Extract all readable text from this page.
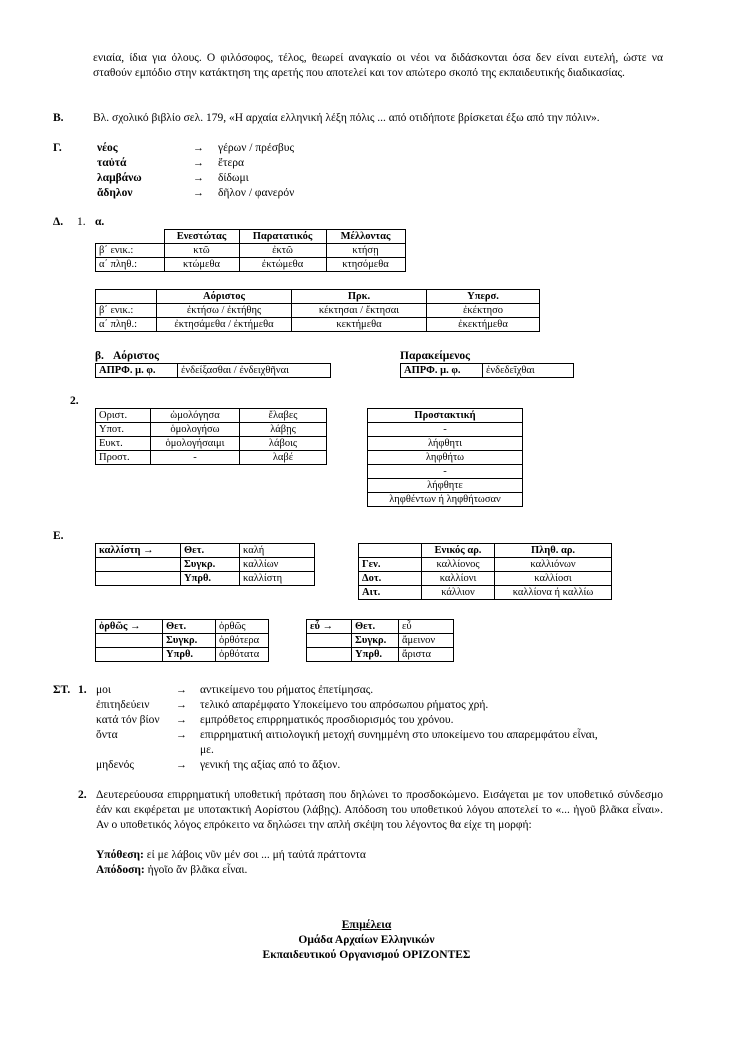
ενιαία, ίδια για όλους. Ο φιλόσοφος, τέλος, θεωρεί αναγκαίο οι νέοι να διδάσκονται όσα δεν είναι ευτελή, ώστε να σταθούν εμπόδιο στην κατάκτηση της αρετής που αποτελεί και τον απώτερο σκοπό της εκπαιδευτικής διαδικασίας.
Β.	Βλ. σχολικό βιβλίο σελ. 179, «Η αρχαία ελληνική λέξη πόλις ... από οτιδήποτε βρίσκεται έξω από την πόλιν».
Γ.	νέος	→ γέρων / πρέσβυς
ταὐτά	→ ἕτερα
λαμβάνω	→ δίδωμι
ἄδηλον	→ δῆλον / φανερόν
Δ. 1. α.
	Ενεστώτας	Παρατατικός	Μέλλοντας
β΄ ενικ.:	κτῶ	ἐκτῶ	κτήσῃ
α΄ πληθ.:	κτώμεθα	ἐκτώμεθα	κτησόμεθα
	Αόριστος	Πρκ.	Υπερσ.
β΄ ενικ.:	ἐκτήσω / ἐκτήθης	κέκτησαι / ἔκτησαι	ἐκέκτησο
α΄ πληθ.:	ἐκτησάμεθα / ἐκτήμεθα	κεκτήμεθα	ἐκεκτήμεθα
β. Αόριστος
ΑΠΡΦ. μ. φ.	ἐνδείξασθαι / ἐνδειχθῆναι
Παρακείμενος
ΑΠΡΦ. μ. φ.	ἐνδεδεῖχθαι
2.
Οριστ.	ὡμολόγησα	ἔλαβες
Υποτ.	ὁμολογήσω	λάβῃς
Ευκτ.	ὁμολογήσαιμι	λάβοις
Προστ.	-	λαβέ
Προστακτική
-
λήφθητι
ληφθήτω
-
λήφθητε
ληφθέντων ή ληφθήτωσαν
Ε.
καλλίστη →	Θετ.	καλή
	Συγκρ.	καλλίων
	Υπρθ.	καλλίστη
	Ενικός αρ.	Πληθ. αρ.
Γεν.	καλλίονος	καλλιόνων
Δοτ.	καλλίονι	καλλίοσι
Αιτ.	κάλλιον	καλλίονα ή καλλίω
ὀρθῶς →	Θετ.	ὀρθῶς
	Συγκρ.	ὀρθότερα
	Υπρθ.	ὀρθότατα
εὖ →	Θετ.	εὖ
	Συγκρ.	ἄμεινον
	Υπρθ.	ἄριστα
ΣΤ. 1. μοι	→ αντικείμενο του ρήματος ἐπετίμησας.
ἐπιτηδεύειν → τελικό απαρέμφατο Υποκείμενο του απρόσωπου ρήματος χρή.
κατά τόν βίον → εμπρόθετος επιρρηματικός προσδιορισμός του χρόνου.
ὄντα	→ επιρρηματική αιτιολογική μετοχή συνημμένη στο υποκείμενο του απαρεμφάτου εἶναι,
με.
μηδενός	→ γενική της αξίας από το ἄξιον.
2. Δευτερεύουσα επιρρηματική υποθετική πρόταση που δηλώνει το προσδοκώμενο. Εισάγεται με τον υποθετικό σύνδεσμο ἐάν και εκφέρεται με υποτακτική Αορίστου (λάβῃς). Απόδοση του υποθετικού λόγου αποτελεί το «... ἡγοῦ βλᾶκα εἶναι». Αν ο υποθετικός λόγος επρόκειτο να δηλώσει την απλή σκέψη του λέγοντος θα είχε τη μορφή:
Υπόθεση: εἰ με λάβοις νῦν μέν σοι ... μή ταὐτά πράττοντα
Απόδοση: ἡγοῖο ἄν βλᾶκα εἶναι.
Επιμέλεια
Ομάδα Αρχαίων Ελληνικών
Εκπαιδευτικού Οργανισμού ΟΡΙΖΟΝΤΕΣ
